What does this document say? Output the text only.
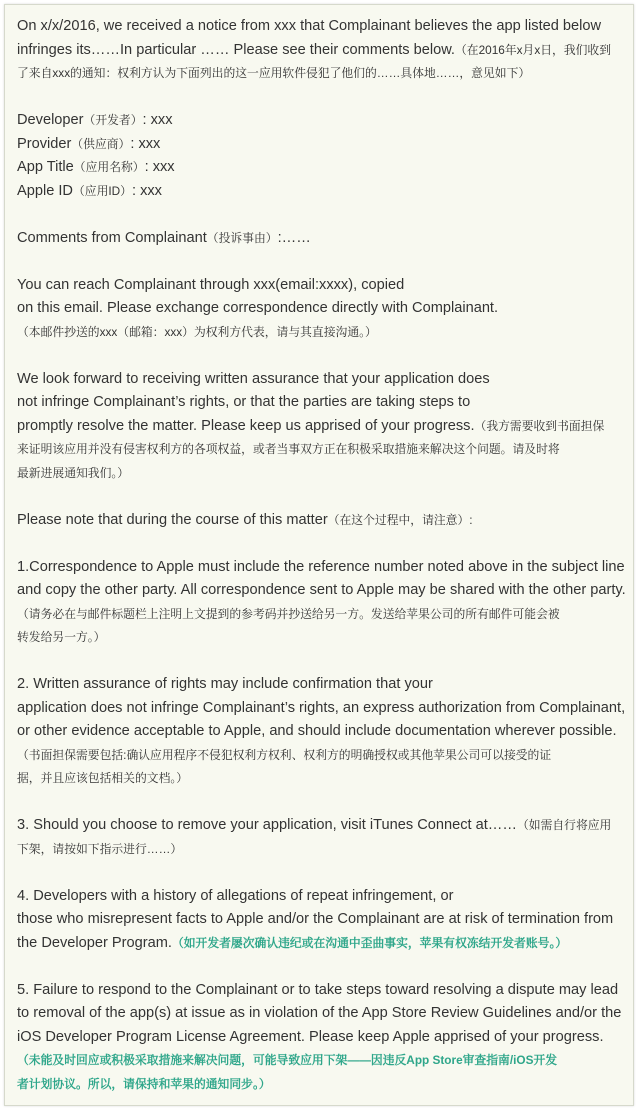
On x/x/2016, we received a notice from xxx that Complainant believes the app listed below
infringes its……In particular …… Please see their comments below.（在2016年x月x日，我们收到
了来自xxx的通知：权利方认为下面列出的这一应用软件侵犯了他们的……具体地……，意见如下）
Developer（开发者）: xxx
Provider（供应商）: xxx
App Title（应用名称）: xxx
Apple ID（应用ID）: xxx
Comments from Complainant（投诉事由）:……
You can reach Complainant through xxx(email:xxxx), copied
on this email. Please exchange correspondence directly with Complainant.
（本邮件抄送的xxx（邮箱：xxx）为权利方代表，请与其直接沟通。）
We look forward to receiving written assurance that your application does
not infringe Complainant’s rights, or that the parties are taking steps to
promptly resolve the matter. Please keep us apprised of your progress.（我方需要收到书面担保
来证明该应用并没有侵害权利方的各项权益，或者当事双方正在积极采取措施来解决这个问题。请及时将
最新进展通知我们。）
Please note that during the course of this matter（在这个过程中，请注意）:
1.Correspondence to Apple must include the reference number noted above in the subject line
and copy the other party. All correspondence sent to Apple may be shared with the other party.
（请务必在与邮件标题栏上注明上文提到的参考码并抄送给另一方。发送给苹果公司的所有邮件可能会被
转发给另一方。）
2. Written assurance of rights may include confirmation that your
application does not infringe Complainant’s rights, an express authorization from Complainant,
or other evidence acceptable to Apple, and should include documentation wherever possible.
（书面担保需要包括:确认应用程序不侵犯权利方权利、权利方的明确授权或其他苹果公司可以接受的证
据，并且应该包括相关的文档。）
3. Should you choose to remove your application, visit iTunes Connect at……（如需自行将应用
下架，请按如下指示进行……）
4. Developers with a history of allegations of repeat infringement, or
those who misrepresent facts to Apple and/or the Complainant are at risk of termination from
the Developer Program.（如开发者屡次确认违纪或在沟通中歪曲事实，苹果有权冻结开发者账号。）
5. Failure to respond to the Complainant or to take steps toward resolving a dispute may lead
to removal of the app(s) at issue as in violation of the App Store Review Guidelines and/or the
iOS Developer Program License Agreement. Please keep Apple apprised of your progress.
（未能及时回应或积极采取措施来解决问题，可能导致应用下架——因违反App Store审查指南/iOS开发
者计划协议。所以，请保持和苹果的通知同步。）
